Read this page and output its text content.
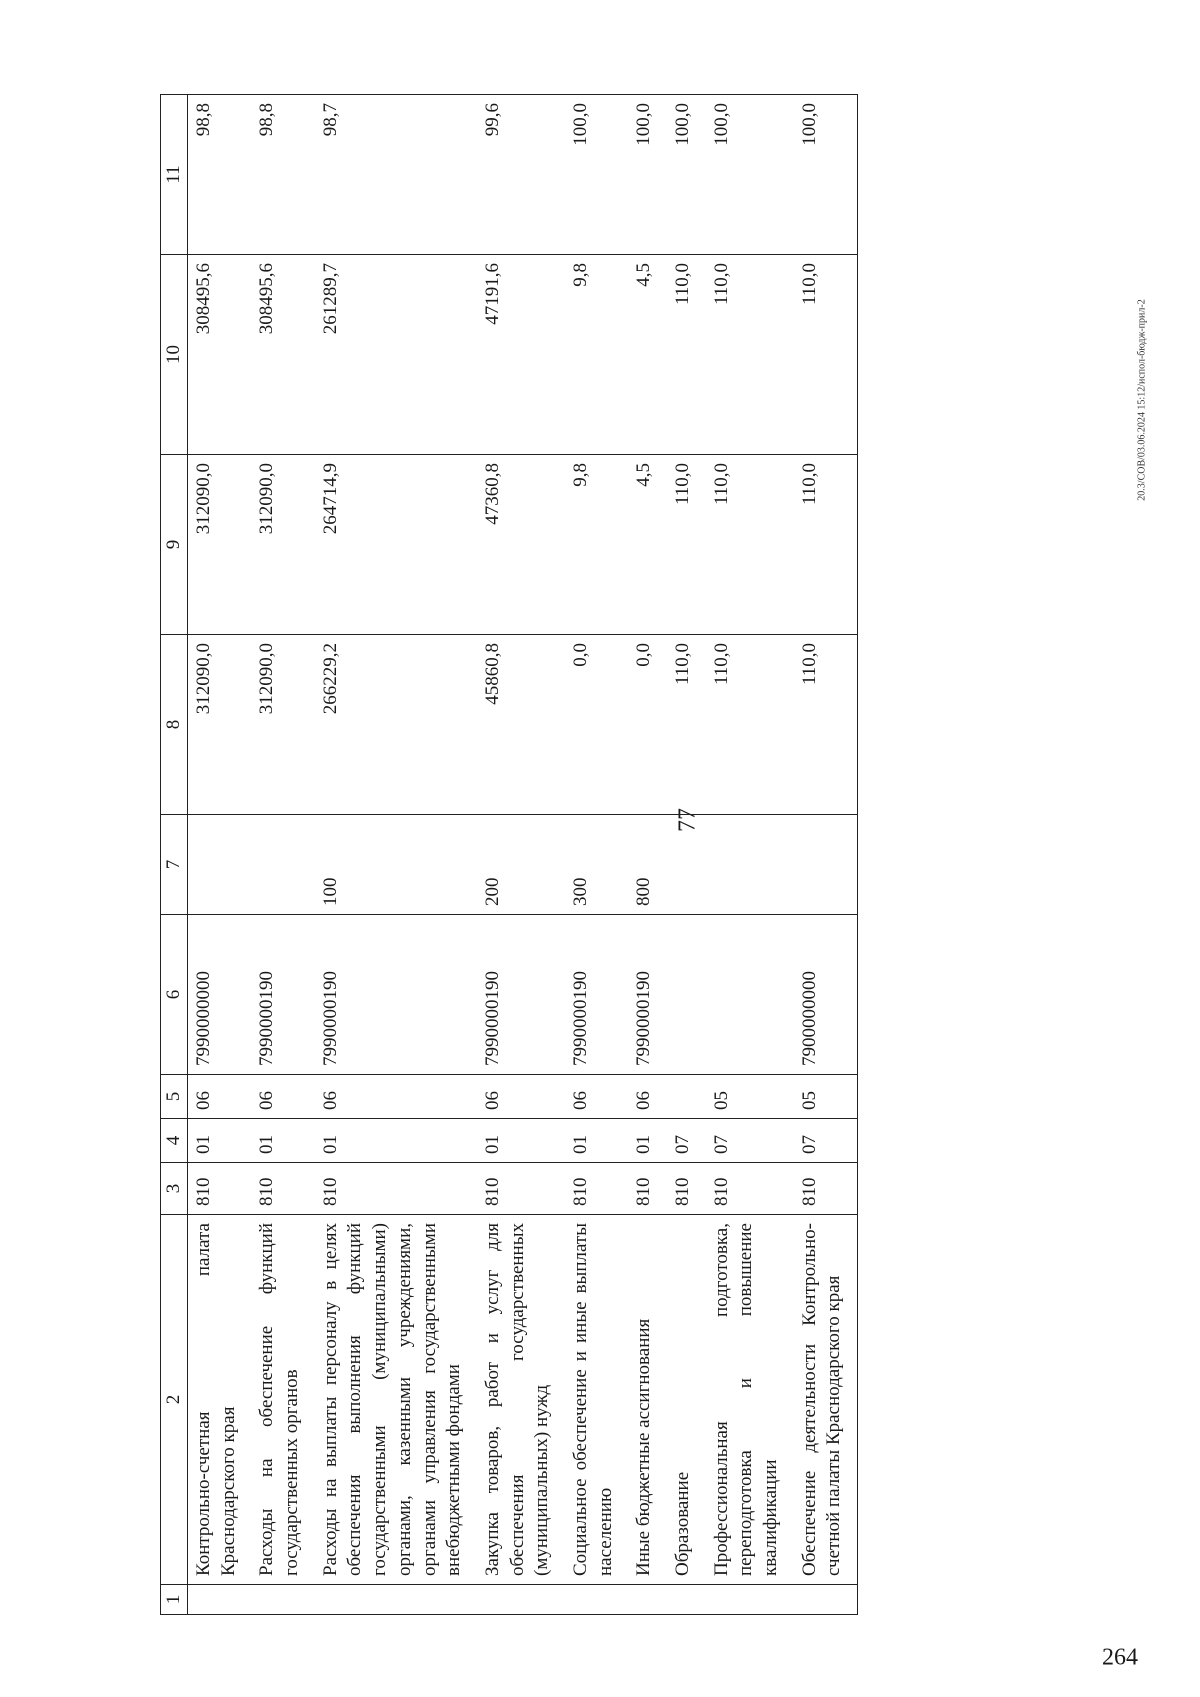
77
1	2	3	4	5	6	7	8	9	10	11
	Контрольно-счетная палата Краснодарского края	810	01	06	7990000000		312090,0	312090,0	308495,6	98,8
	Расходы на обеспечение функций государственных органов	810	01	06	7990000190		312090,0	312090,0	308495,6	98,8
	Расходы на выплаты персоналу в целях обеспечения выполнения функций государственными (муниципальными) органами, казенными учреждениями, органами управления государственными внебюджетными фондами	810	01	06	7990000190	100	266229,2	264714,9	261289,7	98,7
	Закупка товаров, работ и услуг для обеспечения государственных (муниципальных) нужд	810	01	06	7990000190	200	45860,8	47360,8	47191,6	99,6
	Социальное обеспечение и иные выплаты населению	810	01	06	7990000190	300	0,0	9,8	9,8	100,0
	Иные бюджетные ассигнования	810	01	06	7990000190	800	0,0	4,5	4,5	100,0
	Образование	810	07				110,0	110,0	110,0	100,0
	Профессиональная подготовка, переподготовка и повышение квалификации	810	07	05			110,0	110,0	110,0	100,0
	Обеспечение деятельности Контрольно-счетной палаты Краснодарского края	810	07	05	7900000000		110,0	110,0	110,0	100,0
20.3/СОВ/03.06.2024 15:12/испол-бюдж-прил-2
264
